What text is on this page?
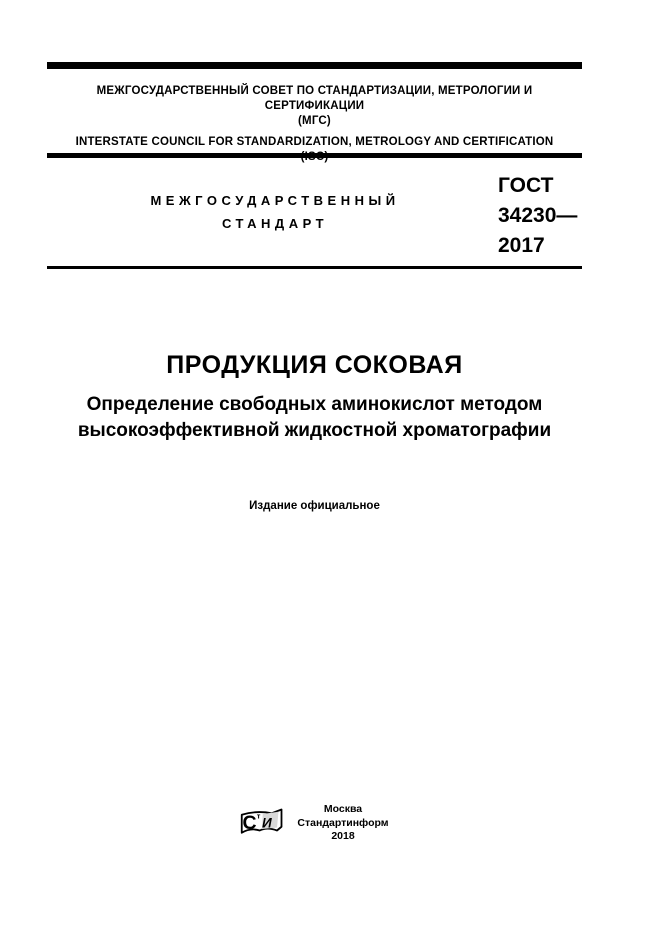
МЕЖГОСУДАРСТВЕННЫЙ СОВЕТ ПО СТАНДАРТИЗАЦИИ, МЕТРОЛОГИИ И СЕРТИФИКАЦИИ
(МГС)
INTERSTATE COUNCIL FOR STANDARDIZATION, METROLOGY AND CERTIFICATION
МЕЖГОСУДАРСТВЕННЫЙ
СТАНДАРТ
ГОСТ
34230—
2017
ПРОДУКЦИЯ СОКОВАЯ
Определение свободных аминокислот методом
высокоэффективной жидкостной хроматографии
Издание официальное
С т И
Москва
Стандартинформ
2018
